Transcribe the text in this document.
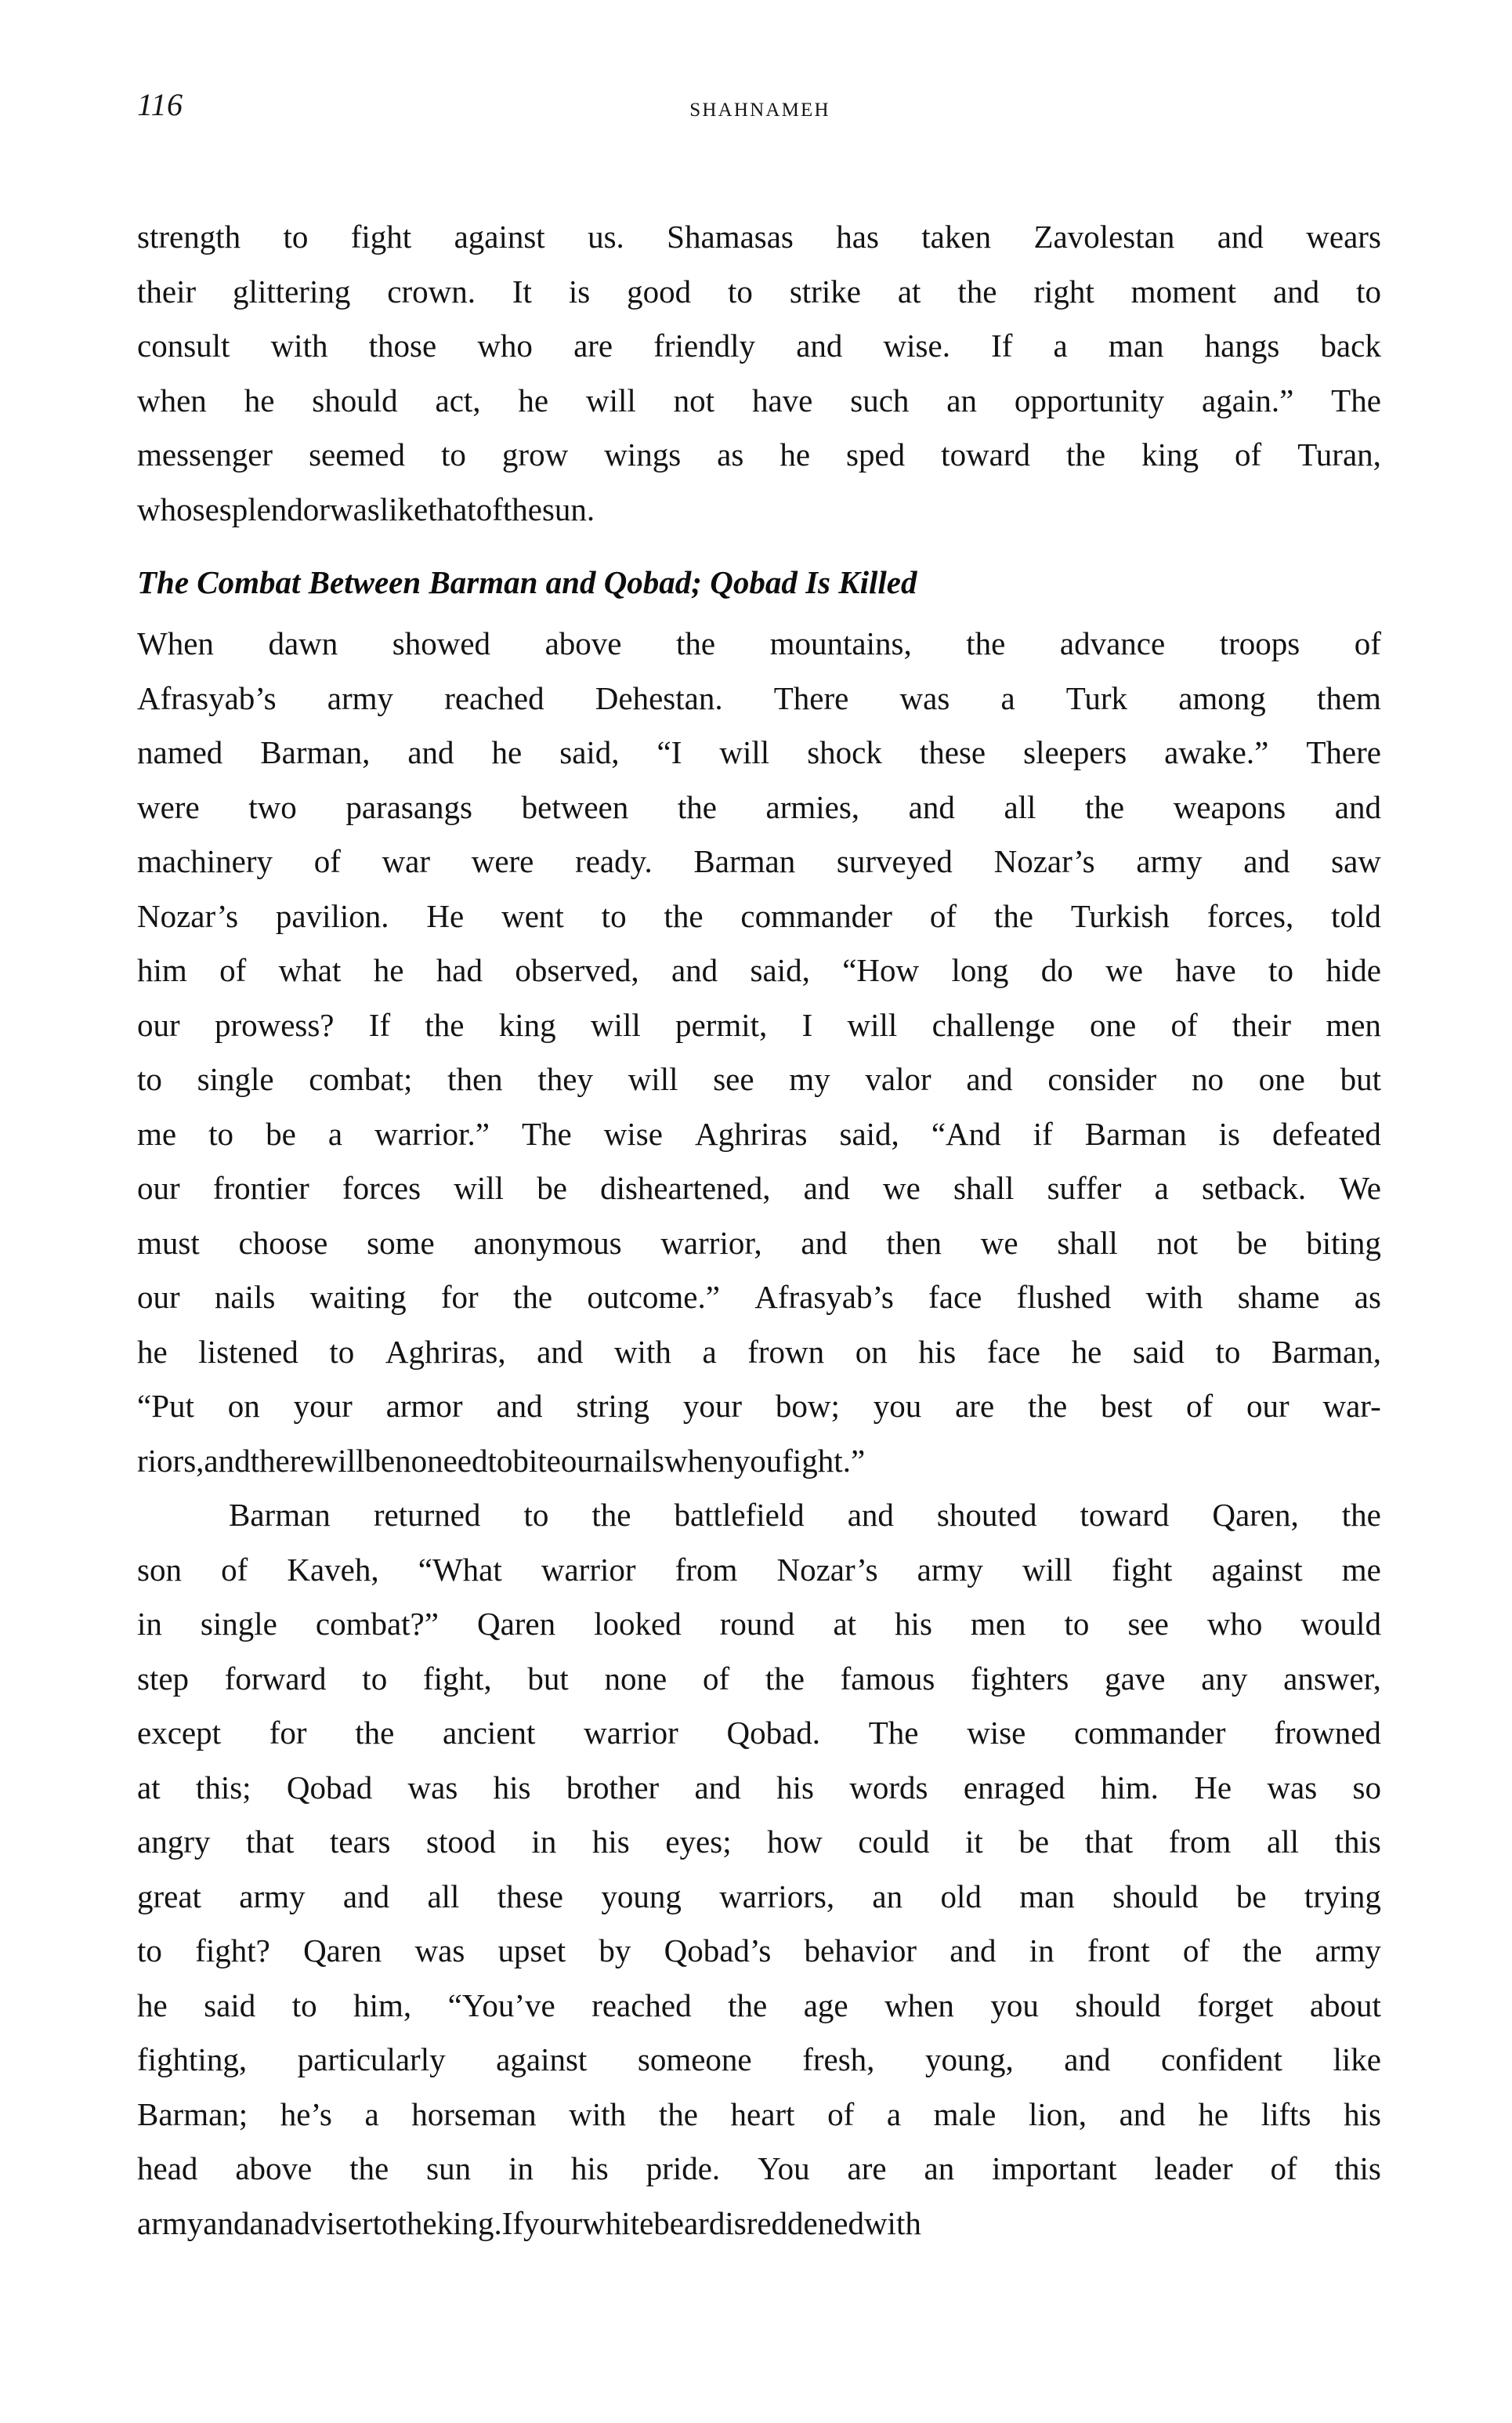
116	shahnameh
strength to fight against us. Shamasas has taken Zavolestan and wears
their glittering crown. It is good to strike at the right moment and to
consult with those who are friendly and wise. If a man hangs back
when he should act, he will not have such an opportunity again.” The
messenger seemed to grow wings as he sped toward the king of Turan,
whose splendor was like that of the sun.
The Combat Between Barman and Qobad; Qobad Is Killed
When dawn showed above the mountains, the advance troops of
Afrasyab’s army reached Dehestan. There was a Turk among them
named Barman, and he said, “I will shock these sleepers awake.” There
were two parasangs between the armies, and all the weapons and
machinery of war were ready. Barman surveyed Nozar’s army and saw
Nozar’s pavilion. He went to the commander of the Turkish forces, told
him of what he had observed, and said, “How long do we have to hide
our prowess? If the king will permit, I will challenge one of their men
to single combat; then they will see my valor and consider no one but
me to be a warrior.” The wise Aghriras said, “And if Barman is defeated
our frontier forces will be disheartened, and we shall suffer a setback. We
must choose some anonymous warrior, and then we shall not be biting
our nails waiting for the outcome.” Afrasyab’s face flushed with shame as
he listened to Aghriras, and with a frown on his face he said to Barman,
“Put on your armor and string your bow; you are the best of our war-
riors, and there will be no need to bite our nails when you fight.”
Barman returned to the battlefield and shouted toward Qaren, the
son of Kaveh, “What warrior from Nozar’s army will fight against me
in single combat?” Qaren looked round at his men to see who would
step forward to fight, but none of the famous fighters gave any answer,
except for the ancient warrior Qobad. The wise commander frowned
at this; Qobad was his brother and his words enraged him. He was so
angry that tears stood in his eyes; how could it be that from all this
great army and all these young warriors, an old man should be trying
to fight? Qaren was upset by Qobad’s behavior and in front of the army
he said to him, “You’ve reached the age when you should forget about
fighting, particularly against someone fresh, young, and confident like
Barman; he’s a horseman with the heart of a male lion, and he lifts his
head above the sun in his pride. You are an important leader of this
army and an adviser to the king. If your white beard is reddened with
